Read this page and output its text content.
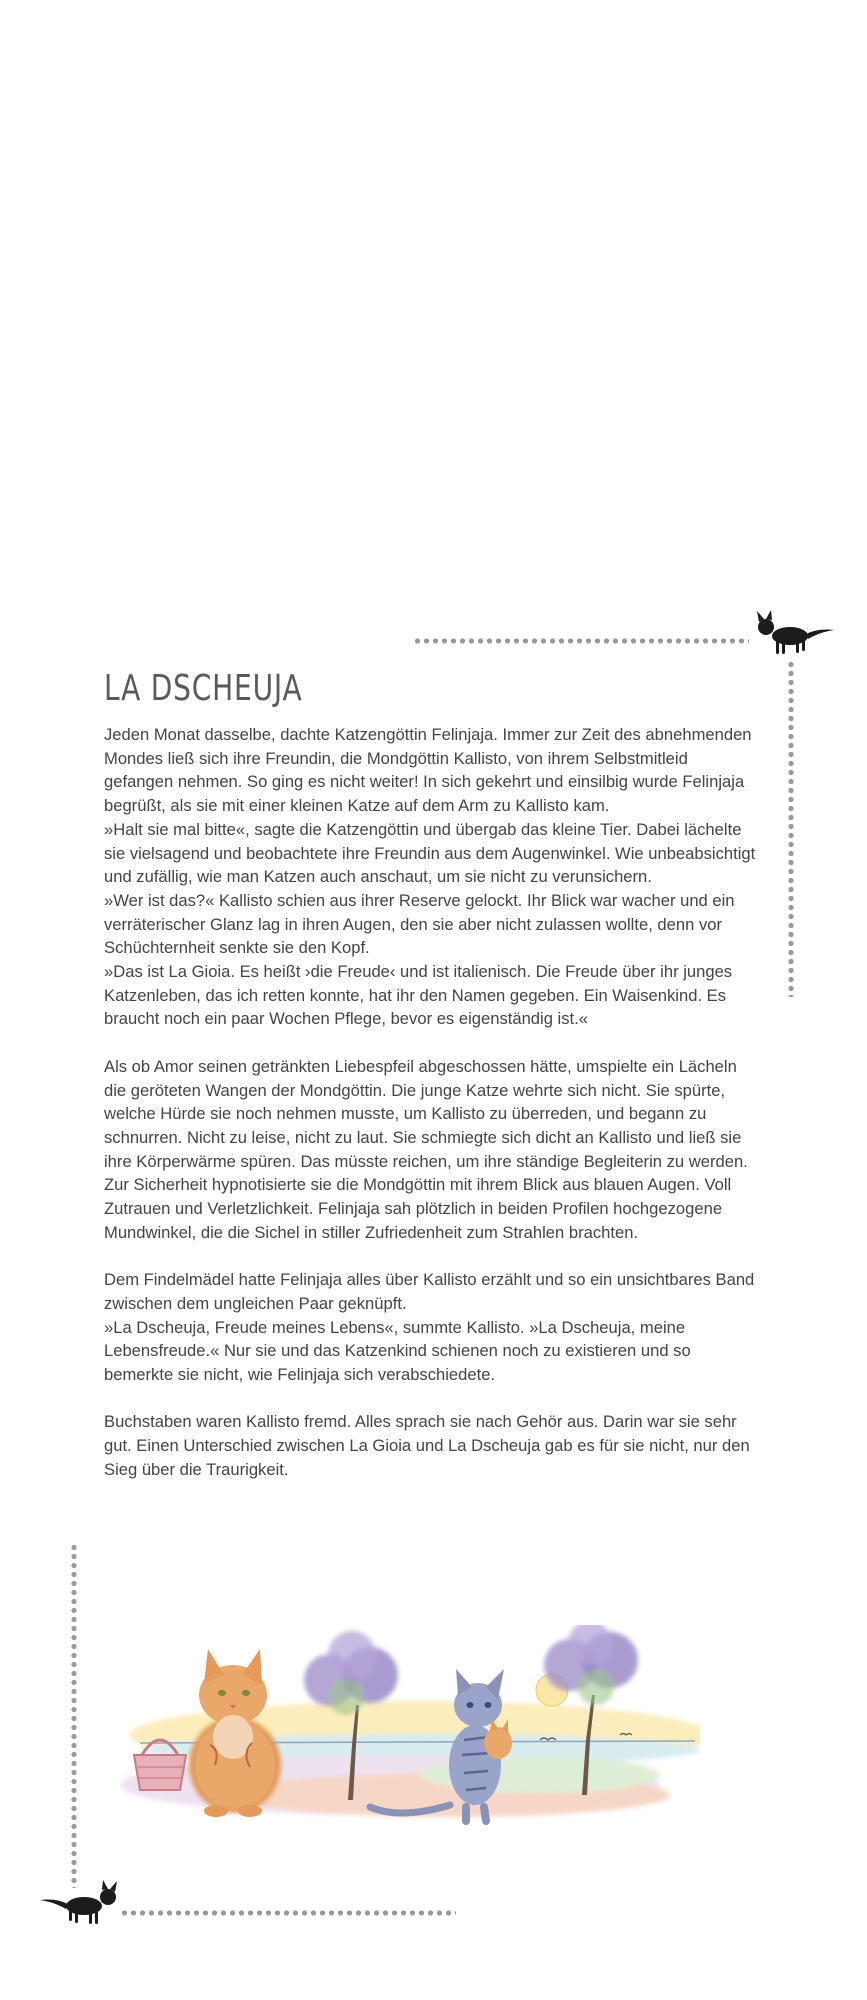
LA DSCHEUJA

Jeden Monat dasselbe, dachte Katzengöttin Felinjaja. Immer zur Zeit des abnehmenden Mondes ließ sich ihre Freundin, die Mondgöttin Kallisto, von ihrem Selbstmitleid gefangen nehmen. So ging es nicht weiter! In sich gekehrt und einsilbig wurde Felinjaja begrüßt, als sie mit einer kleinen Katze auf dem Arm zu Kallisto kam.

»Halt sie mal bitte«, sagte die Katzengöttin und übergab das kleine Tier. Dabei lächelte sie vielsagend und beobachtete ihre Freundin aus dem Augenwinkel. Wie unbeabsichtigt und zufällig, wie man Katzen auch anschaut, um sie nicht zu verunsichern.

»Wer ist das?« Kallisto schien aus ihrer Reserve gelockt. Ihr Blick war wacher und ein verräterischer Glanz lag in ihren Augen, den sie aber nicht zulassen wollte, denn vor Schüchternheit senkte sie den Kopf.

»Das ist La Gioia. Es heißt ›die Freude‹ und ist italienisch. Die Freude über ihr junges Katzenleben, das ich retten konnte, hat ihr den Namen gegeben. Ein Waisenkind. Es braucht noch ein paar Wochen Pflege, bevor es eigenständig ist.«

Als ob Amor seinen getränkten Liebespfeil abgeschossen hätte, umspielte ein Lächeln die geröteten Wangen der Mondgöttin. Die junge Katze wehrte sich nicht. Sie spürte, welche Hürde sie noch nehmen musste, um Kallisto zu überreden, und begann zu schnurren. Nicht zu leise, nicht zu laut. Sie schmiegte sich dicht an Kallisto und ließ sie ihre Körperwärme spüren. Das müsste reichen, um ihre ständige Begleiterin zu werden. Zur Sicherheit hypnotisierte sie die Mondgöttin mit ihrem Blick aus blauen Augen. Voll Zutrauen und Verletzlichkeit. Felinjaja sah plötzlich in beiden Profilen hochgezogene Mundwinkel, die die Sichel in stiller Zufriedenheit zum Strahlen brachten.

Dem Findelmädel hatte Felinjaja alles über Kallisto erzählt und so ein unsichtbares Band zwischen dem ungleichen Paar geknüpft.

»La Dscheuja, Freude meines Lebens«, summte Kallisto. »La Dscheuja, meine Lebensfreude.« Nur sie und das Katzenkind schienen noch zu existieren und so bemerkte sie nicht, wie Felinjaja sich verabschiedete.

Buchstaben waren Kallisto fremd. Alles sprach sie nach Gehör aus. Darin war sie sehr gut. Einen Unterschied zwischen La Gioia und La Dscheuja gab es für sie nicht, nur den Sieg über die Traurigkeit.
